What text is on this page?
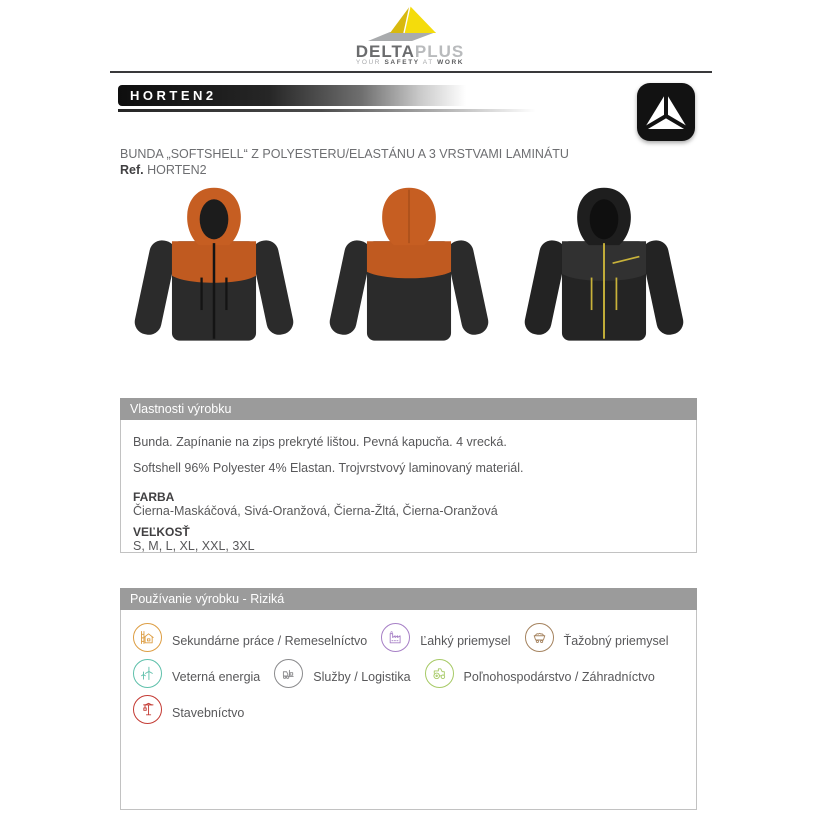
DELTAPLUS
YOUR SAFETY AT WORK
HORTEN2
BUNDA „SOFTSHELL“ Z POLYESTERU/ELASTÁNU A 3 VRSTVAMI LAMINÁTU
Ref. HORTEN2
Vlastnosti výrobku

Bunda. Zapínanie na zips prekryté lištou. Pevná kapucňa. 4 vrecká.

Softshell 96% Polyester 4% Elastan. Trojvrstvový laminovaný materiál.

FARBA
Čierna-Maskáčová, Sivá-Oranžová, Čierna-Žltá, Čierna-Oranžová
VEĽKOSŤ
S, M, L, XL, XXL, 3XL
Používanie výrobku - Riziká
Sekundárne práce / Remeselníctvo	Ľahký priemysel	Ťažobný priemysel
Veterná energia	Služby / Logistika	Poľnohospodárstvo / Záhradníctvo
Stavebníctvo
